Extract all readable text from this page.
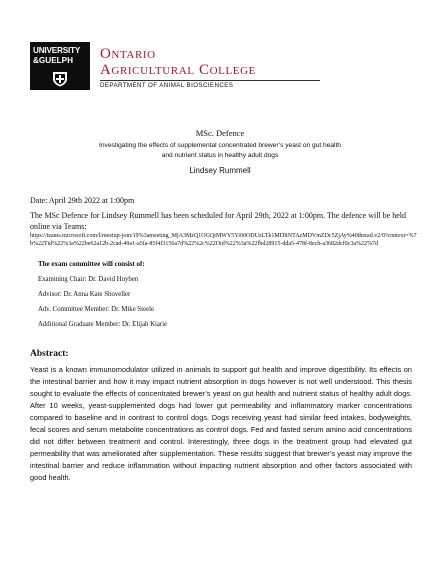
UNIVERSITY
&GUELPH	Ontario
Agricultural College
DEPARTMENT OF ANIMAL BIOSCIENCES
MSc. Defence
Investigating the effects of supplemental concentrated brewer’s yeast on gut health
and nutrient status in healthy adult dogs
Lindsey Rummell
Date: April 29th 2022 at 1:00pm
The MSc Defence for Lindsey Rummell has been scheduled for April 29th, 2022 at 1:00pm. The defence will be held online via Teams:
https://teams.microsoft.com/l/meetup-join/19%3ameeting_MjA3MzQ1OGQtMWY5Yi00ODUzLTk1MDItNTAzMDVmZDc5ZjAy%40thread.v2/0?context=%7b%22Tid%22%3a%22be62a12b-2cad-49a1-a5fa-85f4f3156a7d%22%2c%22Oid%22%3a%22fbd28915-dda5-478f-8ecb-a3682dcf0c3a%22%7d
The exam committee will consist of:
Examining Chair: Dr. David Huyben
Advisor: Dr. Anna Kate Shoveller
Adv. Committee Member: Dr. Mike Steele
Additional Graduate Member: Dr. Elijah Kiarie
Abstract:
Yeast is a known immunomodulator utilized in animals to support gut health and improve digestibility. Its effects on the intestinal barrier and how it may impact nutrient absorption in dogs however is not well understood. This thesis sought to evaluate the effects of concentrated brewer’s yeast on gut health and nutrient status of healthy adult dogs. After 10 weeks, yeast-supplemented dogs had lower gut permeability and inflammatory marker concentrations compared to baseline and in contrast to control dogs. Dogs receiving yeast had similar feed intakes, bodyweights, fecal scores and serum metabolite concentrations as control dogs. Fed and fasted serum amino acid concentrations did not differ between treatment and control. Interestingly, three dogs in the treatment group had elevated gut permeability that was ameliorated after supplementation. These results suggest that brewer’s yeast may improve the intestinal barrier and reduce inflammation without impacting nutrient absorption and other factors associated with good health.
